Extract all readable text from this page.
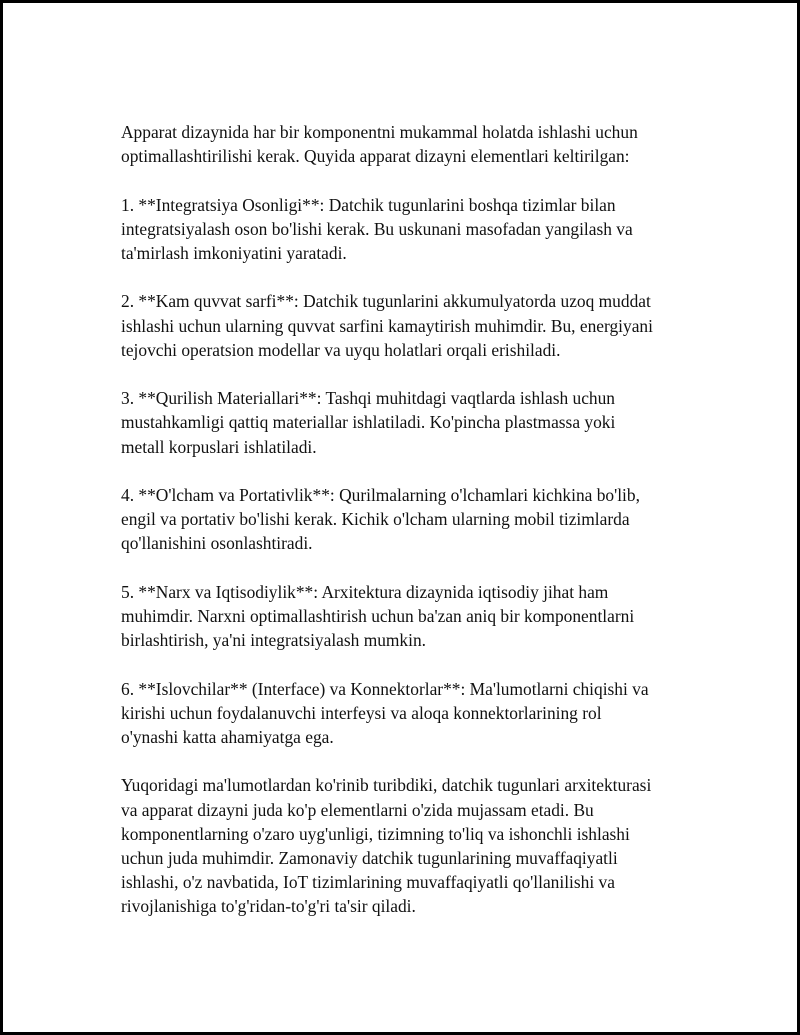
Apparat dizaynida har bir komponentni mukammal holatda ishlashi uchun
optimallashtirilishi kerak. Quyida apparat dizayni elementlari keltirilgan:

1. **Integratsiya Osonligi**: Datchik tugunlarini boshqa tizimlar bilan
integratsiyalash oson bo'lishi kerak. Bu uskunani masofadan yangilash va
ta'mirlash imkoniyatini yaratadi.

2. **Kam quvvat sarfi**: Datchik tugunlarini akkumulyatorda uzoq muddat
ishlashi uchun ularning quvvat sarfini kamaytirish muhimdir. Bu, energiyani
tejovchi operatsion modellar va uyqu holatlari orqali erishiladi.

3. **Qurilish Materiallari**: Tashqi muhitdagi vaqtlarda ishlash uchun
mustahkamligi qattiq materiallar ishlatiladi. Ko'pincha plastmassa yoki
metall korpuslari ishlatiladi.

4. **O'lcham va Portativlik**: Qurilmalarning o'lchamlari kichkina bo'lib,
engil va portativ bo'lishi kerak. Kichik o'lcham ularning mobil tizimlarda
qo'llanishini osonlashtiradi.

5. **Narx va Iqtisodiylik**: Arxitektura dizaynida iqtisodiy jihat ham
muhimdir. Narxni optimallashtirish uchun ba'zan aniq bir komponentlarni
birlashtirish, ya'ni integratsiyalash mumkin.

6. **Islovchilar** (Interface) va Konnektorlar**: Ma'lumotlarni chiqishi va
kirishi uchun foydalanuvchi interfeysi va aloqa konnektorlarining rol
o'ynashi katta ahamiyatga ega.

Yuqoridagi ma'lumotlardan ko'rinib turibdiki, datchik tugunlari arxitekturasi
va apparat dizayni juda ko'p elementlarni o'zida mujassam etadi. Bu
komponentlarning o'zaro uyg'unligi, tizimning to'liq va ishonchli ishlashi
uchun juda muhimdir. Zamonaviy datchik tugunlarining muvaffaqiyatli
ishlashi, o'z navbatida, IoT tizimlarining muvaffaqiyatli qo'llanilishi va
rivojlanishiga to'g'ridan-to'g'ri ta'sir qiladi.
